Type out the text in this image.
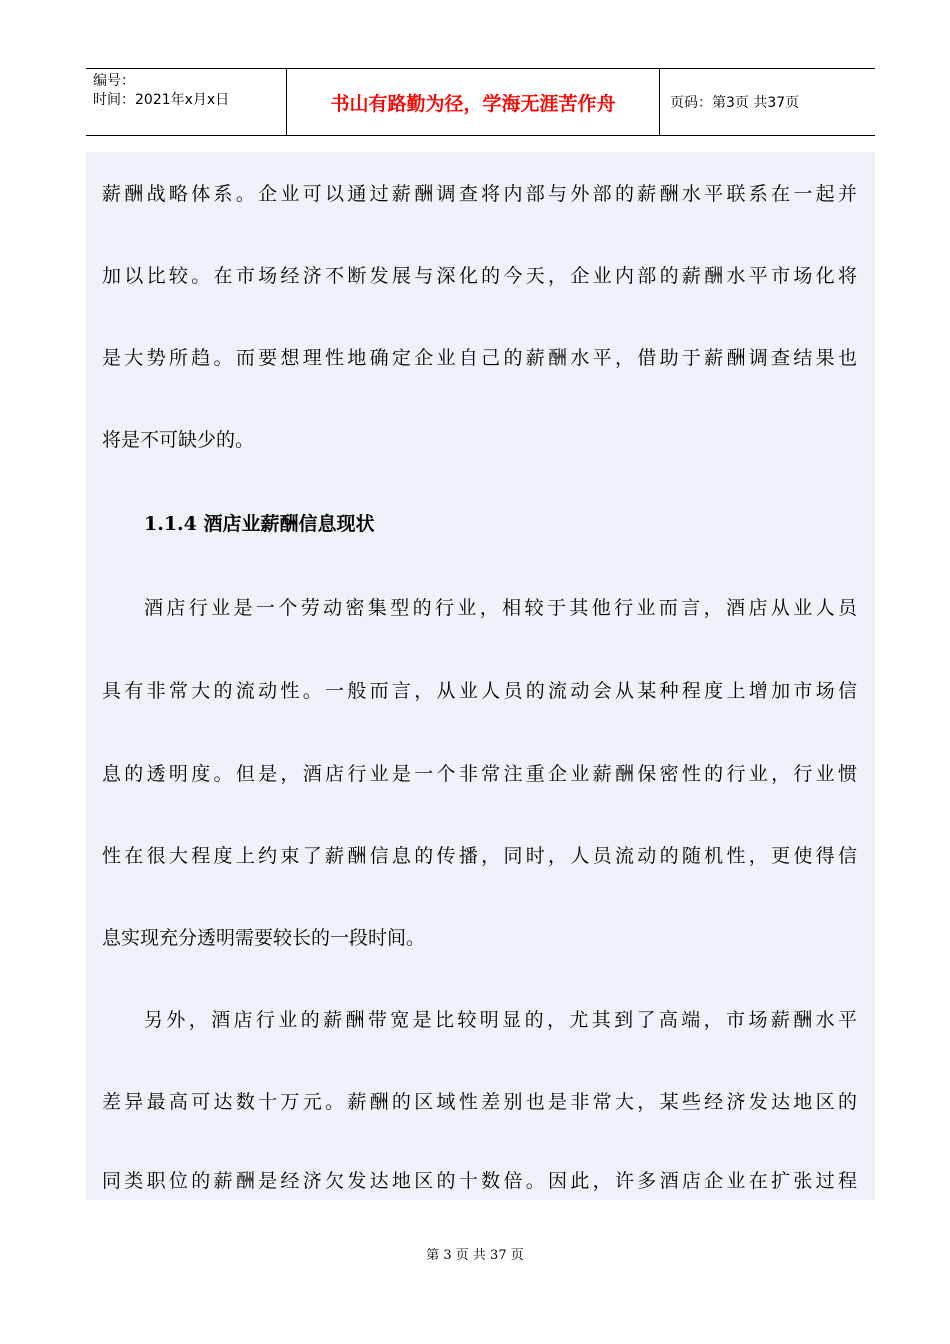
编号：
时间：2021年x月x日	书山有路勤为径，学海无涯苦作舟	页码：第3页 共37页
薪酬战略体系。企业可以通过薪酬调查将内部与外部的薪酬水平联系在一起并
加以比较。在市场经济不断发展与深化的今天，企业内部的薪酬水平市场化将
是大势所趋。而要想理性地确定企业自己的薪酬水平，借助于薪酬调查结果也
将是不可缺少的。
1.1.4 酒店业薪酬信息现状
酒店行业是一个劳动密集型的行业，相较于其他行业而言，酒店从业人员
具有非常大的流动性。一般而言，从业人员的流动会从某种程度上增加市场信
息的透明度。但是，酒店行业是一个非常注重企业薪酬保密性的行业，行业惯
性在很大程度上约束了薪酬信息的传播，同时，人员流动的随机性，更使得信
息实现充分透明需要较长的一段时间。
另外，酒店行业的薪酬带宽是比较明显的，尤其到了高端，市场薪酬水平
差异最高可达数十万元。薪酬的区域性差别也是非常大，某些经济发达地区的
同类职位的薪酬是经济欠发达地区的十数倍。因此，许多酒店企业在扩张过程
第 3 页 共 37 页
